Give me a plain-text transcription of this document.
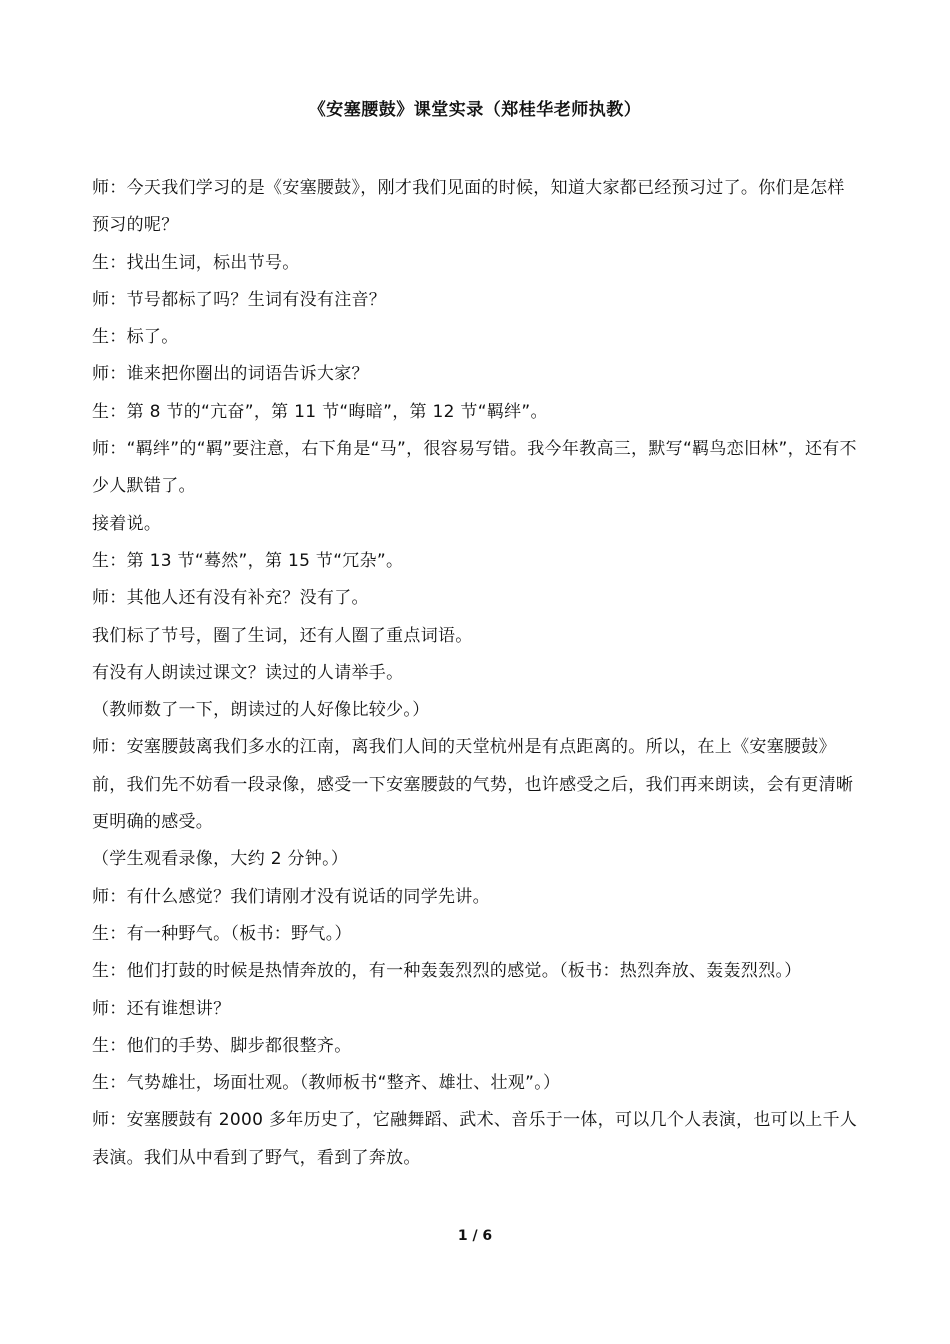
《安塞腰鼓》课堂实录（郑桂华老师执教）

师：今天我们学习的是《安塞腰鼓》，刚才我们见面的时候，知道大家都已经预习过了。你们是怎样预习的呢？

生：找出生词，标出节号。

师：节号都标了吗？生词有没有注音？

生：标了。

师：谁来把你圈出的词语告诉大家？

生：第 8 节的“亢奋”，第 11 节“晦暗”，第 12 节“羁绊”。

师：“羁绊”的“羁”要注意，右下角是“马”，很容易写错。我今年教高三，默写“羁鸟恋旧林”，还有不少人默错了。

接着说。

生：第 13 节“蓦然”，第 15 节“冗杂”。

师：其他人还有没有补充？没有了。

我们标了节号，圈了生词，还有人圈了重点词语。

有没有人朗读过课文？读过的人请举手。

（教师数了一下，朗读过的人好像比较少。）

师：安塞腰鼓离我们多水的江南，离我们人间的天堂杭州是有点距离的。所以，在上《安塞腰鼓》前，我们先不妨看一段录像，感受一下安塞腰鼓的气势，也许感受之后，我们再来朗读，会有更清晰更明确的感受。

（学生观看录像，大约 2 分钟。）

师：有什么感觉？我们请刚才没有说话的同学先讲。

生：有一种野气。（板书：野气。）

生：他们打鼓的时候是热情奔放的，有一种轰轰烈烈的感觉。（板书：热烈奔放、轰轰烈烈。）

师：还有谁想讲？

生：他们的手势、脚步都很整齐。

生：气势雄壮，场面壮观。（教师板书“整齐、雄壮、壮观”。）

师：安塞腰鼓有 2000 多年历史了，它融舞蹈、武术、音乐于一体，可以几个人表演，也可以上千人表演。我们从中看到了野气，看到了奔放。

1 / 6
